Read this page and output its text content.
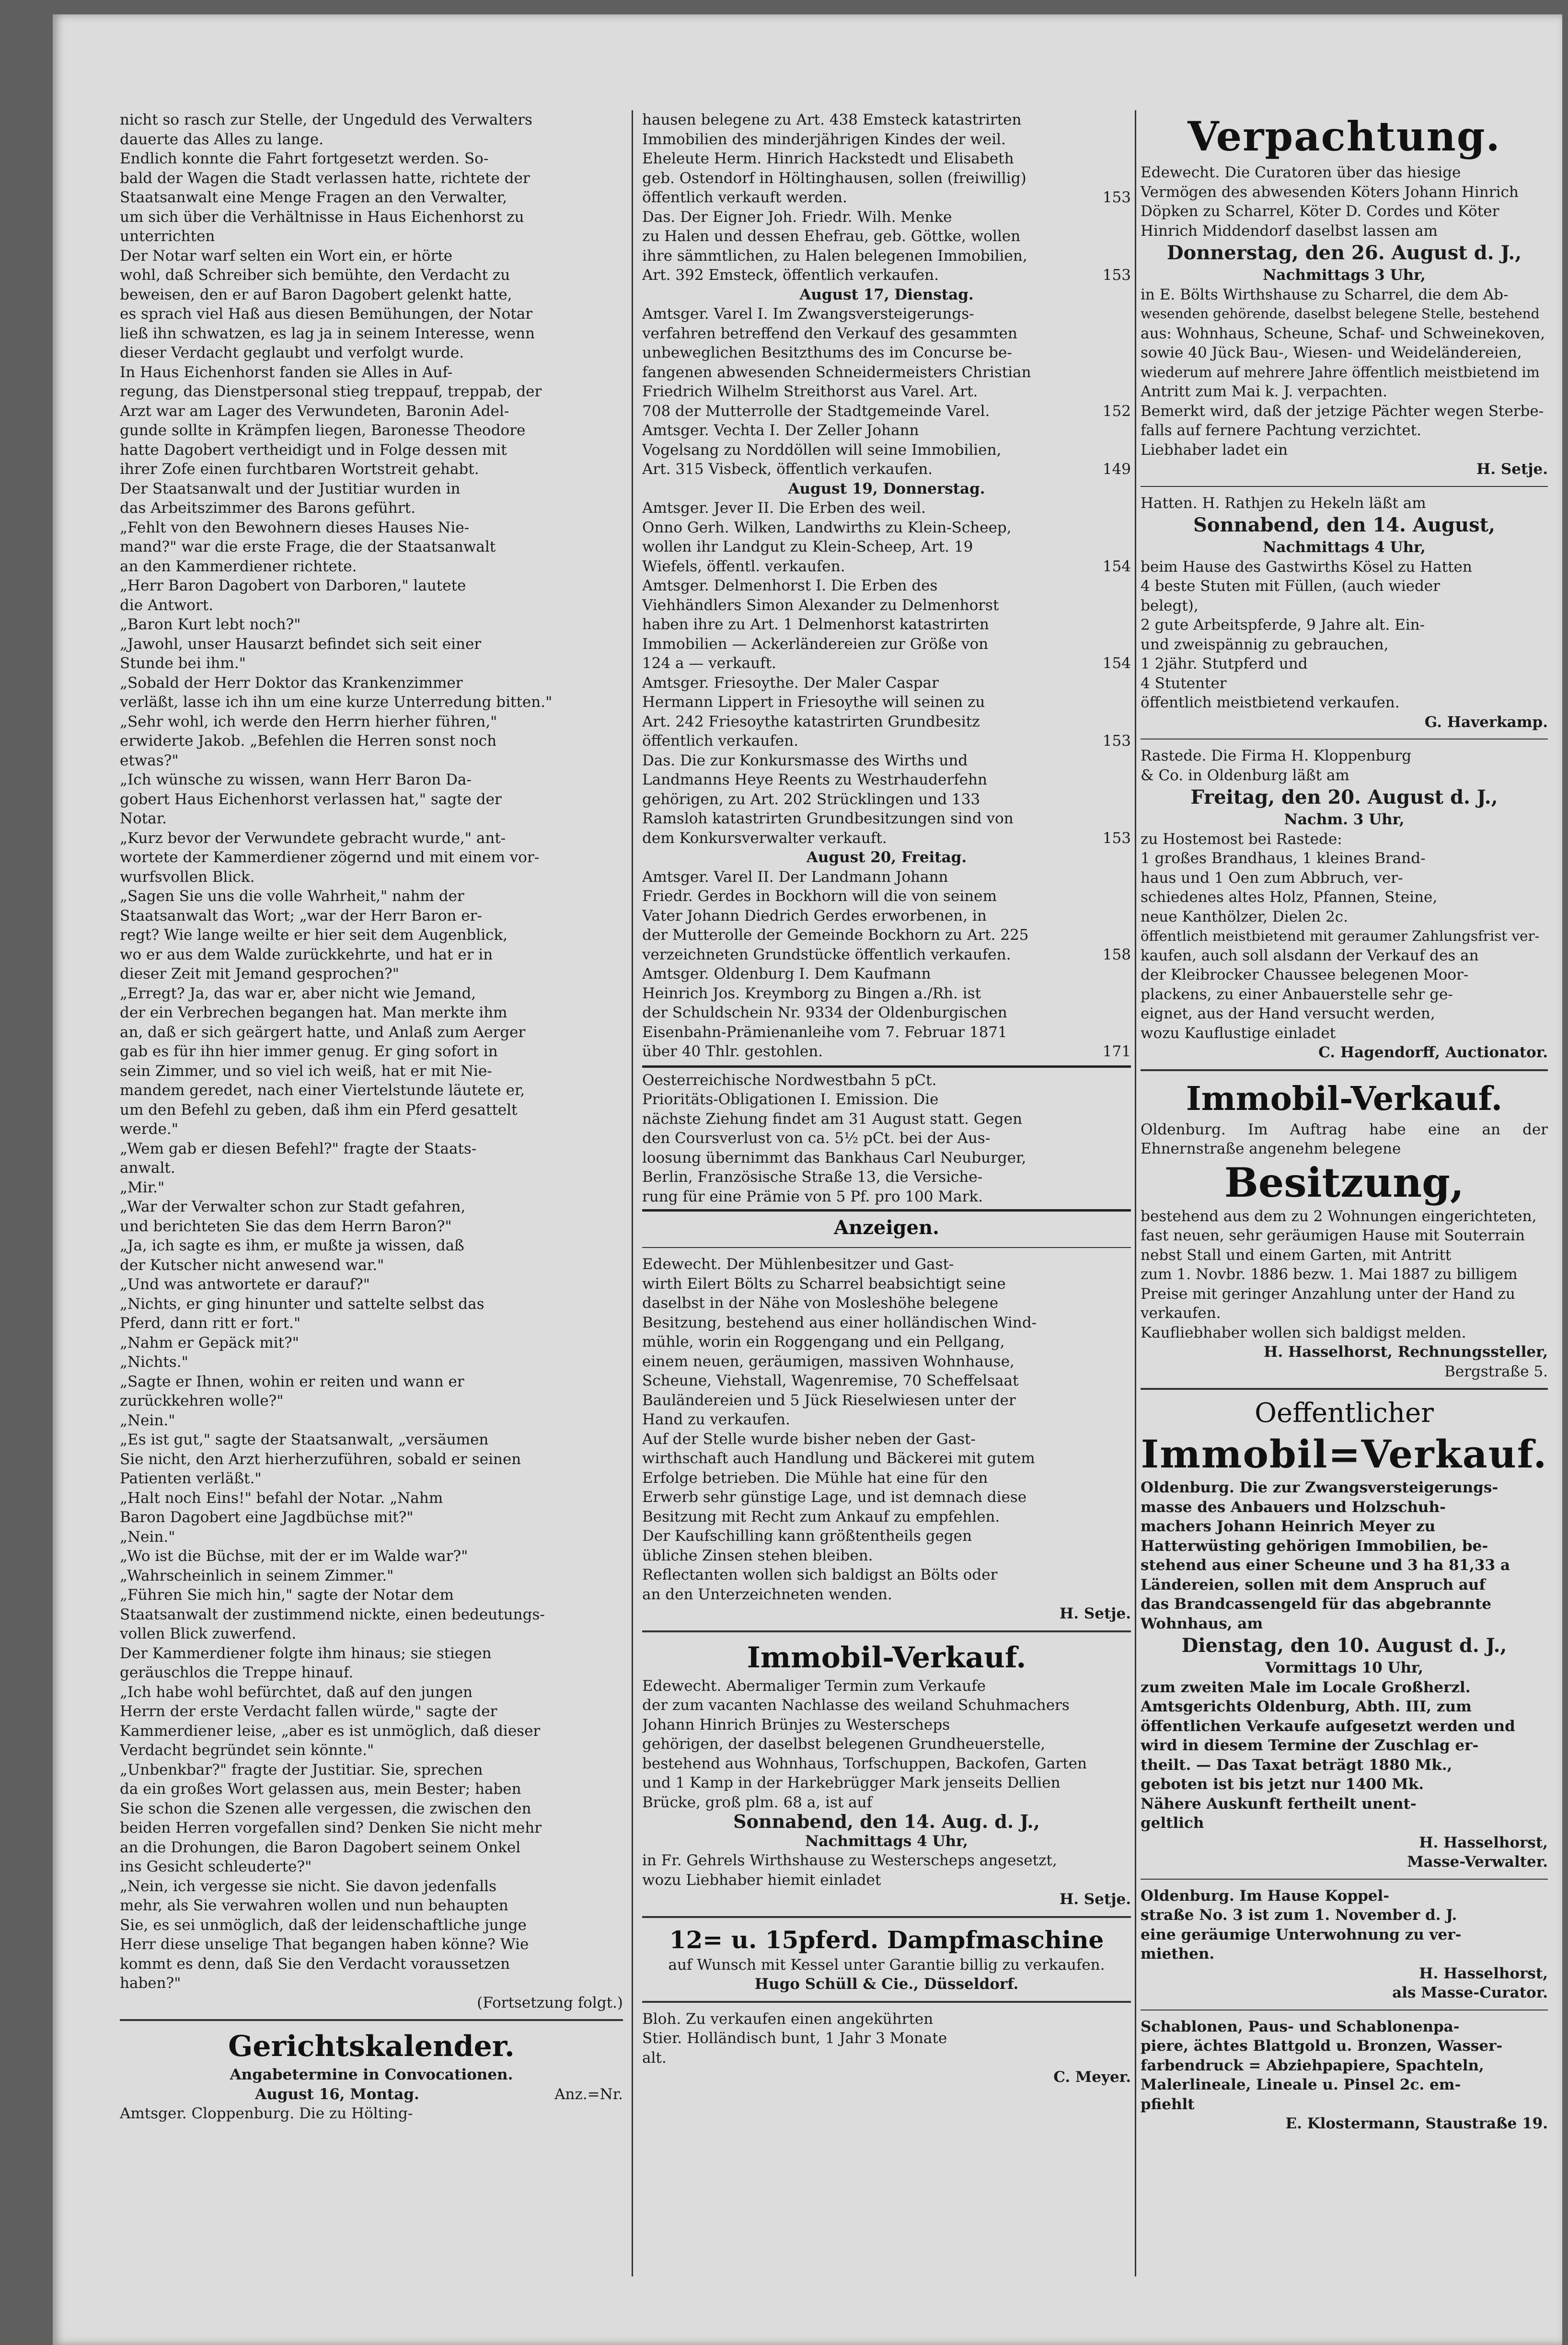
nicht so rasch zur Stelle, der Ungeduld des Verwalters
dauerte das Alles zu lange.
Endlich konnte die Fahrt fortgesetzt werden. So-
bald der Wagen die Stadt verlassen hatte, richtete der
Staatsanwalt eine Menge Fragen an den Verwalter,
um sich über die Verhältnisse in Haus Eichenhorst zu
unterrichten
Der Notar warf selten ein Wort ein, er hörte
wohl, daß Schreiber sich bemühte, den Verdacht zu
beweisen, den er auf Baron Dagobert gelenkt hatte,
es sprach viel Haß aus diesen Bemühungen, der Notar
ließ ihn schwatzen, es lag ja in seinem Interesse, wenn
dieser Verdacht geglaubt und verfolgt wurde.
In Haus Eichenhorst fanden sie Alles in Auf-
regung, das Dienstpersonal stieg treppauf, treppab, der
Arzt war am Lager des Verwundeten, Baronin Adel-
gunde sollte in Krämpfen liegen, Baronesse Theodore
hatte Dagobert vertheidigt und in Folge dessen mit
ihrer Zofe einen furchtbaren Wortstreit gehabt.
Der Staatsanwalt und der Justitiar wurden in
das Arbeitszimmer des Barons geführt.
„Fehlt von den Bewohnern dieses Hauses Nie-
mand?" war die erste Frage, die der Staatsanwalt
an den Kammerdiener richtete.
„Herr Baron Dagobert von Darboren," lautete
die Antwort.
„Baron Kurt lebt noch?"
„Jawohl, unser Hausarzt befindet sich seit einer
Stunde bei ihm."
„Sobald der Herr Doktor das Krankenzimmer
verläßt, lasse ich ihn um eine kurze Unterredung bitten."
„Sehr wohl, ich werde den Herrn hierher führen,"
erwiderte Jakob. „Befehlen die Herren sonst noch
etwas?"
„Ich wünsche zu wissen, wann Herr Baron Da-
gobert Haus Eichenhorst verlassen hat," sagte der
Notar.
„Kurz bevor der Verwundete gebracht wurde," ant-
wortete der Kammerdiener zögernd und mit einem vor-
wurfsvollen Blick.
„Sagen Sie uns die volle Wahrheit," nahm der
Staatsanwalt das Wort; „war der Herr Baron er-
regt? Wie lange weilte er hier seit dem Augenblick,
wo er aus dem Walde zurückkehrte, und hat er in
dieser Zeit mit Jemand gesprochen?"
„Erregt? Ja, das war er, aber nicht wie Jemand,
der ein Verbrechen begangen hat. Man merkte ihm
an, daß er sich geärgert hatte, und Anlaß zum Aerger
gab es für ihn hier immer genug. Er ging sofort in
sein Zimmer, und so viel ich weiß, hat er mit Nie-
mandem geredet, nach einer Viertelstunde läutete er,
um den Befehl zu geben, daß ihm ein Pferd gesattelt
werde."
„Wem gab er diesen Befehl?" fragte der Staats-
anwalt.
„Mir."
„War der Verwalter schon zur Stadt gefahren,
und berichteten Sie das dem Herrn Baron?"
„Ja, ich sagte es ihm, er mußte ja wissen, daß
der Kutscher nicht anwesend war."
„Und was antwortete er darauf?"
„Nichts, er ging hinunter und sattelte selbst das
Pferd, dann ritt er fort."
„Nahm er Gepäck mit?"
„Nichts."
„Sagte er Ihnen, wohin er reiten und wann er
zurückkehren wolle?"
„Nein."
„Es ist gut," sagte der Staatsanwalt, „versäumen
Sie nicht, den Arzt hierherzuführen, sobald er seinen
Patienten verläßt."
„Halt noch Eins!" befahl der Notar. „Nahm
Baron Dagobert eine Jagdbüchse mit?"
„Nein."
„Wo ist die Büchse, mit der er im Walde war?"
„Wahrscheinlich in seinem Zimmer."
„Führen Sie mich hin," sagte der Notar dem
Staatsanwalt der zustimmend nickte, einen bedeutungs-
vollen Blick zuwerfend.
Der Kammerdiener folgte ihm hinaus; sie stiegen
geräuschlos die Treppe hinauf.
„Ich habe wohl befürchtet, daß auf den jungen
Herrn der erste Verdacht fallen würde," sagte der
Kammerdiener leise, „aber es ist unmöglich, daß dieser
Verdacht begründet sein könnte."
„Unbenkbar?" fragte der Justitiar. Sie, sprechen
da ein großes Wort gelassen aus, mein Bester; haben
Sie schon die Szenen alle vergessen, die zwischen den
beiden Herren vorgefallen sind? Denken Sie nicht mehr
an die Drohungen, die Baron Dagobert seinem Onkel
ins Gesicht schleuderte?"
„Nein, ich vergesse sie nicht. Sie davon jedenfalls
mehr, als Sie verwahren wollen und nun behaupten
Sie, es sei unmöglich, daß der leidenschaftliche junge
Herr diese unselige That begangen haben könne? Wie
kommt es denn, daß Sie den Verdacht voraussetzen
haben?"
(Fortsetzung folgt.)
Gerichtskalender.
Angabetermine in Convocationen.
August 16, Montag.	Anz.=Nr.
Amtsger. Cloppenburg. Die zu Hölting-
hausen belegene zu Art. 438 Emsteck katastrirten
Immobilien des minderjährigen Kindes der weil.
Eheleute Herm. Hinrich Hackstedt und Elisabeth
geb. Ostendorf in Höltinghausen, sollen (freiwillig)
öffentlich verkauft werden.	153
Das. Der Eigner Joh. Friedr. Wilh. Menke
zu Halen und dessen Ehefrau, geb. Göttke, wollen
ihre sämmtlichen, zu Halen belegenen Immobilien,
Art. 392 Emsteck, öffentlich verkaufen.	153
August 17, Dienstag.
Amtsger. Varel I. Im Zwangsversteigerungs-
verfahren betreffend den Verkauf des gesammten
unbeweglichen Besitzthums des im Concurse be-
fangenen abwesenden Schneidermeisters Christian
Friedrich Wilhelm Streithorst aus Varel. Art.
708 der Mutterrolle der Stadtgemeinde Varel.	152
Amtsger. Vechta I. Der Zeller Johann
Vogelsang zu Norddöllen will seine Immobilien,
Art. 315 Visbeck, öffentlich verkaufen.	149
August 19, Donnerstag.
Amtsger. Jever II. Die Erben des weil.
Onno Gerh. Wilken, Landwirths zu Klein-Scheep,
wollen ihr Landgut zu Klein-Scheep, Art. 19
Wiefels, öffentl. verkaufen.	154
Amtsger. Delmenhorst I. Die Erben des
Viehhändlers Simon Alexander zu Delmenhorst
haben ihre zu Art. 1 Delmenhorst katastrirten
Immobilien — Ackerländereien zur Größe von
124 a — verkauft.	154
Amtsger. Friesoythe. Der Maler Caspar
Hermann Lippert in Friesoythe will seinen zu
Art. 242 Friesoythe katastrirten Grundbesitz
öffentlich verkaufen.	153
Das. Die zur Konkursmasse des Wirths und
Landmanns Heye Reents zu Westrhauderfehn
gehörigen, zu Art. 202 Strücklingen und 133
Ramsloh katastrirten Grundbesitzungen sind von
dem Konkursverwalter verkauft.	153
August 20, Freitag.
Amtsger. Varel II. Der Landmann Johann
Friedr. Gerdes in Bockhorn will die von seinem
Vater Johann Diedrich Gerdes erworbenen, in
der Mutterolle der Gemeinde Bockhorn zu Art. 225
verzeichneten Grundstücke öffentlich verkaufen.	158
Amtsger. Oldenburg I. Dem Kaufmann
Heinrich Jos. Kreymborg zu Bingen a./Rh. ist
der Schuldschein Nr. 9334 der Oldenburgischen
Eisenbahn-Prämienanleihe vom 7. Februar 1871
über 40 Thlr. gestohlen.	171
Oesterreichische Nordwestbahn 5 pCt.
Prioritäts-Obligationen I. Emission. Die
nächste Ziehung findet am 31 August statt. Gegen
den Coursverlust von ca. 5½ pCt. bei der Aus-
loosung übernimmt das Bankhaus Carl Neuburger,
Berlin, Französische Straße 13, die Versiche-
rung für eine Prämie von 5 Pf. pro 100 Mark.
Anzeigen.
Edewecht. Der Mühlenbesitzer und Gast-
wirth Eilert Bölts zu Scharrel beabsichtigt seine
daselbst in der Nähe von Mosleshöhe belegene
Besitzung, bestehend aus einer holländischen Wind-
mühle, worin ein Roggengang und ein Pellgang,
einem neuen, geräumigen, massiven Wohnhause,
Scheune, Viehstall, Wagenremise, 70 Scheffelsaat
Bauländereien und 5 Jück Rieselwiesen unter der
Hand zu verkaufen.
Auf der Stelle wurde bisher neben der Gast-
wirthschaft auch Handlung und Bäckerei mit gutem
Erfolge betrieben. Die Mühle hat eine für den
Erwerb sehr günstige Lage, und ist demnach diese
Besitzung mit Recht zum Ankauf zu empfehlen.
Der Kaufschilling kann größtentheils gegen
übliche Zinsen stehen bleiben.
Reflectanten wollen sich baldigst an Bölts oder
an den Unterzeichneten wenden.
H. Setje.
Immobil-Verkauf.
Edewecht. Abermaliger Termin zum Verkaufe
der zum vacanten Nachlasse des weiland Schuhmachers
Johann Hinrich Brünjes zu Westerscheps
gehörigen, der daselbst belegenen Grundheuerstelle,
bestehend aus Wohnhaus, Torfschuppen, Backofen, Garten
und 1 Kamp in der Harkebrügger Mark jenseits Dellien
Brücke, groß plm. 68 a, ist auf
Sonnabend, den 14. Aug. d. J.,
Nachmittags 4 Uhr,
in Fr. Gehrels Wirthshause zu Westerscheps angesetzt,
wozu Liebhaber hiemit einladet
H. Setje.
12= u. 15pferd. Dampfmaschine
auf Wunsch mit Kessel unter Garantie billig zu verkaufen.
Hugo Schüll & Cie., Düsseldorf.
Bloh. Zu verkaufen einen angekührten
Stier. Holländisch bunt, 1 Jahr 3 Monate
alt.
C. Meyer.
Verpachtung.
Edewecht. Die Curatoren über das hiesige
Vermögen des abwesenden Köters Johann Hinrich
Döpken zu Scharrel, Köter D. Cordes und Köter
Hinrich Middendorf daselbst lassen am
Donnerstag, den 26. August d. J.,
Nachmittags 3 Uhr,
in E. Bölts Wirthshause zu Scharrel, die dem Ab-
wesenden gehörende, daselbst belegene Stelle, bestehend
aus: Wohnhaus, Scheune, Schaf- und Schweinekoven,
sowie 40 Jück Bau-, Wiesen- und Weideländereien,
wiederum auf mehrere Jahre öffentlich meistbietend im
Antritt zum Mai k. J. verpachten.
Bemerkt wird, daß der jetzige Pächter wegen Sterbe-
falls auf fernere Pachtung verzichtet.
Liebhaber ladet ein
H. Setje.
Hatten. H. Rathjen zu Hekeln läßt am
Sonnabend, den 14. August,
Nachmittags 4 Uhr,
beim Hause des Gastwirths Kösel zu Hatten
4 beste Stuten mit Füllen, (auch wieder
belegt),
2 gute Arbeitspferde, 9 Jahre alt. Ein-
und zweispännig zu gebrauchen,
1 2jähr. Stutpferd und
4 Stutenter
öffentlich meistbietend verkaufen.
G. Haverkamp.
Rastede. Die Firma H. Kloppenburg
& Co. in Oldenburg läßt am
Freitag, den 20. August d. J.,
Nachm. 3 Uhr,
zu Hostemost bei Rastede:
1 großes Brandhaus, 1 kleines Brand-
haus und 1 Oen zum Abbruch, ver-
schiedenes altes Holz, Pfannen, Steine,
neue Kanthölzer, Dielen 2c.
öffentlich meistbietend mit geraumer Zahlungsfrist ver-
kaufen, auch soll alsdann der Verkauf des an
der Kleibrocker Chaussee belegenen Moor-
plackens, zu einer Anbauerstelle sehr ge-
eignet, aus der Hand versucht werden,
wozu Kauflustige einladet
C. Hagendorff, Auctionator.
Immobil-Verkauf.
Oldenburg. Im Auftrag habe eine an der Ehnernstraße angenehm belegene
Besitzung,
bestehend aus dem zu 2 Wohnungen eingerichteten,
fast neuen, sehr geräumigen Hause mit Souterrain
nebst Stall und einem Garten, mit Antritt
zum 1. Novbr. 1886 bezw. 1. Mai 1887 zu billigem
Preise mit geringer Anzahlung unter der Hand zu
verkaufen.
Kaufliebhaber wollen sich baldigst melden.
H. Hasselhorst, Rechnungssteller,
Bergstraße 5.
Oeffentlicher
Immobil=Verkauf.
Oldenburg. Die zur Zwangsversteigerungs-
masse des Anbauers und Holzschuh-
machers Johann Heinrich Meyer zu
Hatterwüsting gehörigen Immobilien, be-
stehend aus einer Scheune und 3 ha 81,33 a
Ländereien, sollen mit dem Anspruch auf
das Brandcassengeld für das abgebrannte
Wohnhaus, am
Dienstag, den 10. August d. J.,
Vormittags 10 Uhr,
zum zweiten Male im Locale Großherzl.
Amtsgerichts Oldenburg, Abth. III, zum
öffentlichen Verkaufe aufgesetzt werden und
wird in diesem Termine der Zuschlag er-
theilt. — Das Taxat beträgt 1880 Mk.,
geboten ist bis jetzt nur 1400 Mk.
Nähere Auskunft fertheilt unent-
geltlich
H. Hasselhorst,
Masse-Verwalter.
Oldenburg. Im Hause Koppel-
straße No. 3 ist zum 1. November d. J.
eine geräumige Unterwohnung zu ver-
miethen.
H. Hasselhorst,
als Masse-Curator.
Schablonen, Paus- und Schablonenpa-
piere, ächtes Blattgold u. Bronzen, Wasser-
farbendruck = Abziehpapiere, Spachteln,
Malerlineale, Lineale u. Pinsel 2c. em-
pfiehlt
E. Klostermann, Staustraße 19.
